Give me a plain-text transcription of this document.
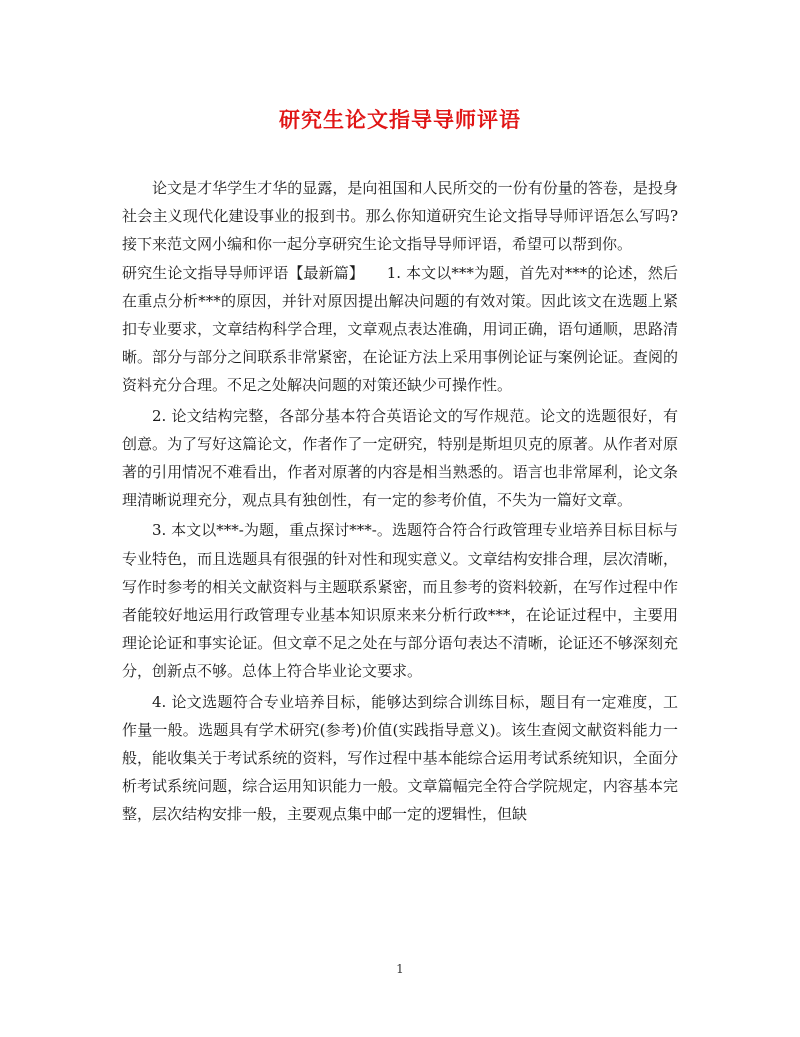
研究生论文指导导师评语

论文是才华学生才华的显露，是向祖国和人民所交的一份有份量的答卷，是投身社会主义现代化建设事业的报到书。那么你知道研究生论文指导导师评语怎么写吗?接下来范文网小编和你一起分享研究生论文指导导师评语，希望可以帮到你。

研究生论文指导导师评语【最新篇】　　1. 本文以***为题，首先对***的论述，然后在重点分析***的原因，并针对原因提出解决问题的有效对策。因此该文在选题上紧扣专业要求，文章结构科学合理，文章观点表达准确，用词正确，语句通顺，思路清晰。部分与部分之间联系非常紧密，在论证方法上采用事例论证与案例论证。查阅的资料充分合理。不足之处解决问题的对策还缺少可操作性。

2. 论文结构完整，各部分基本符合英语论文的写作规范。论文的选题很好，有创意。为了写好这篇论文，作者作了一定研究，特别是斯坦贝克的原著。从作者对原著的引用情况不难看出，作者对原著的内容是相当熟悉的。语言也非常犀利，论文条理清晰说理充分，观点具有独创性，有一定的参考价值，不失为一篇好文章。

3. 本文以***-为题，重点探讨***-。选题符合符合行政管理专业培养目标目标与专业特色，而且选题具有很强的针对性和现实意义。文章结构安排合理，层次清晰，写作时参考的相关文献资料与主题联系紧密，而且参考的资料较新，在写作过程中作者能较好地运用行政管理专业基本知识原来来分析行政***，在论证过程中，主要用理论论证和事实论证。但文章不足之处在与部分语句表达不清晰，论证还不够深刻充分，创新点不够。总体上符合毕业论文要求。

4. 论文选题符合专业培养目标，能够达到综合训练目标，题目有一定难度，工作量一般。选题具有学术研究(参考)价值(实践指导意义)。该生查阅文献资料能力一般，能收集关于考试系统的资料，写作过程中基本能综合运用考试系统知识，全面分析考试系统问题，综合运用知识能力一般。文章篇幅完全符合学院规定，内容基本完整，层次结构安排一般，主要观点集中邮一定的逻辑性，但缺

1
